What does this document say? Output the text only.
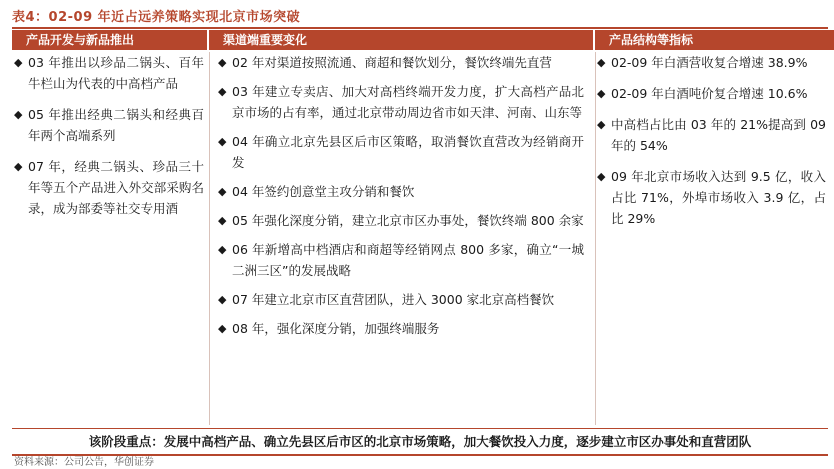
表4：02-09 年近占远养策略实现北京市场突破
产品开发与新品推出	渠道端重要变化	产品结构等指标
◆ 03 年推出以珍品二锅头、百年牛栏山为代表的中高档产品
◆ 05 年推出经典二锅头和经典百年两个高端系列
◆ 07 年，经典二锅头、珍品三十年等五个产品进入外交部采购名录，成为部委等社交专用酒
◆ 02 年对渠道按照流通、商超和餐饮划分，餐饮终端先直营
◆ 03 年建立专卖店、加大对高档终端开发力度，扩大高档产品北京市场的占有率，通过北京带动周边省市如天津、河南、山东等
◆ 04 年确立北京先县区后市区策略，取消餐饮直营改为经销商开发
◆ 04 年签约创意堂主攻分销和餐饮
◆ 05 年强化深度分销，建立北京市区办事处，餐饮终端 800 余家
◆ 06 年新增高中档酒店和商超等经销网点 800 多家，确立“一城二洲三区”的发展战略
◆ 07 年建立北京市区直营团队，进入 3000 家北京高档餐饮
◆ 08 年，强化深度分销，加强终端服务
◆ 02-09 年白酒营收复合增速 38.9%
◆ 02-09 年白酒吨价复合增速 10.6%
◆ 中高档占比由 03 年的 21%提高到 09 年的 54%
◆ 09 年北京市场收入达到 9.5 亿，收入占比 71%，外埠市场收入 3.9 亿，占比 29%
该阶段重点：发展中高档产品、确立先县区后市区的北京市场策略，加大餐饮投入力度，逐步建立市区办事处和直营团队
资料来源：公司公告，华创证券
